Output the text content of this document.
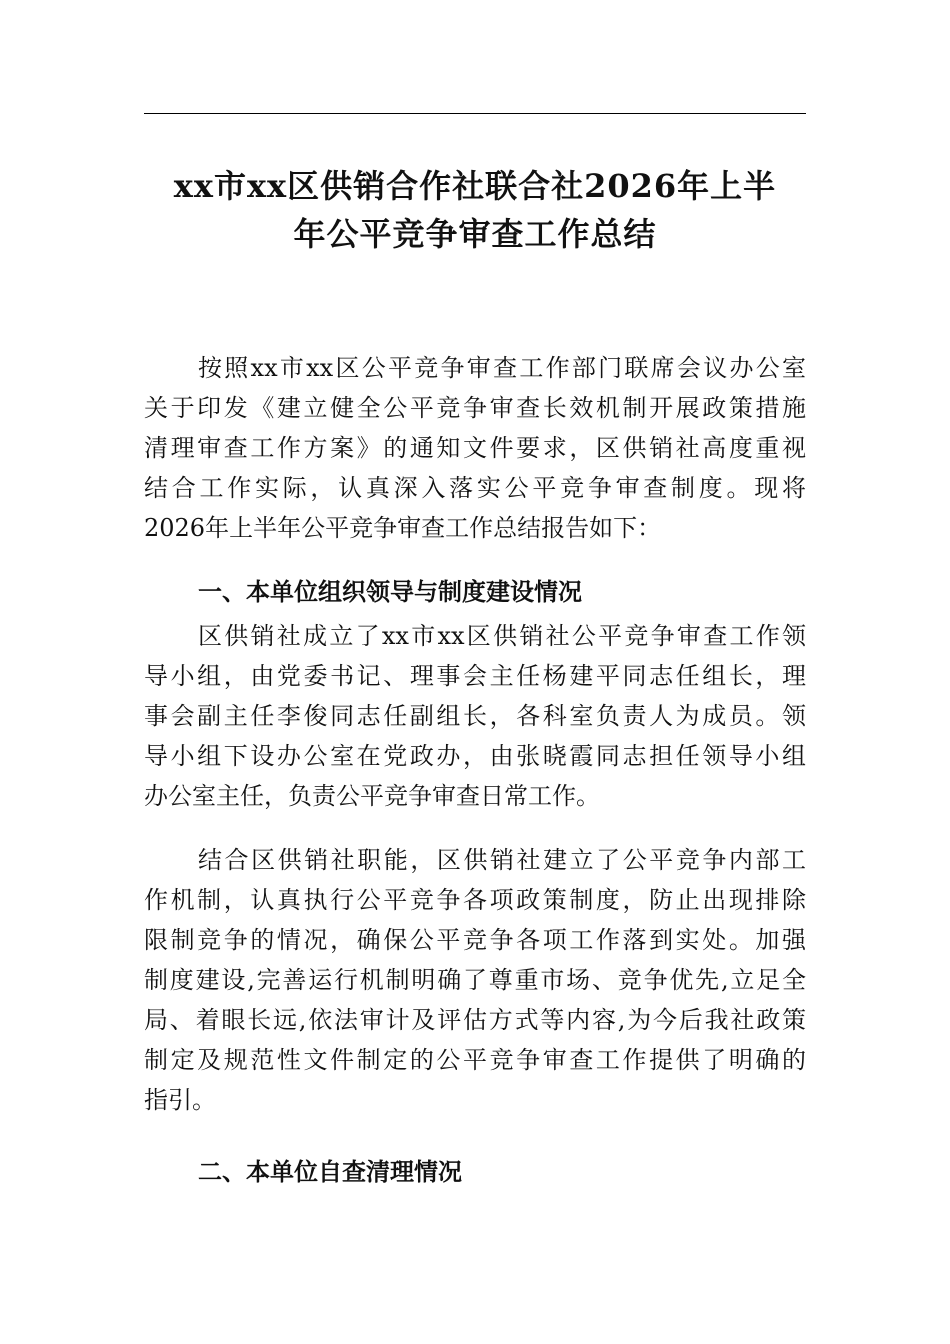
xx市xx区供销合作社联合社2026年上半
年公平竞争审查工作总结
按照xx市xx区公平竞争审查工作部门联席会议办公室
关于印发《建立健全公平竞争审查长效机制开展政策措施
清理审查工作方案》的通知文件要求，区供销社高度重视
结合工作实际，认真深入落实公平竞争审查制度。现将
2026年上半年公平竞争审查工作总结报告如下：
一、本单位组织领导与制度建设情况
区供销社成立了xx市xx区供销社公平竞争审查工作领
导小组，由党委书记、理事会主任杨建平同志任组长，理
事会副主任李俊同志任副组长，各科室负责人为成员。领
导小组下设办公室在党政办，由张晓霞同志担任领导小组
办公室主任，负责公平竞争审查日常工作。
结合区供销社职能，区供销社建立了公平竞争内部工
作机制，认真执行公平竞争各项政策制度，防止出现排除
限制竞争的情况，确保公平竞争各项工作落到实处。加强
制度建设,完善运行机制明确了尊重市场、竞争优先,立足全
局、着眼长远,依法审计及评估方式等内容,为今后我社政策
制定及规范性文件制定的公平竞争审查工作提供了明确的
指引。
二、本单位自查清理情况
